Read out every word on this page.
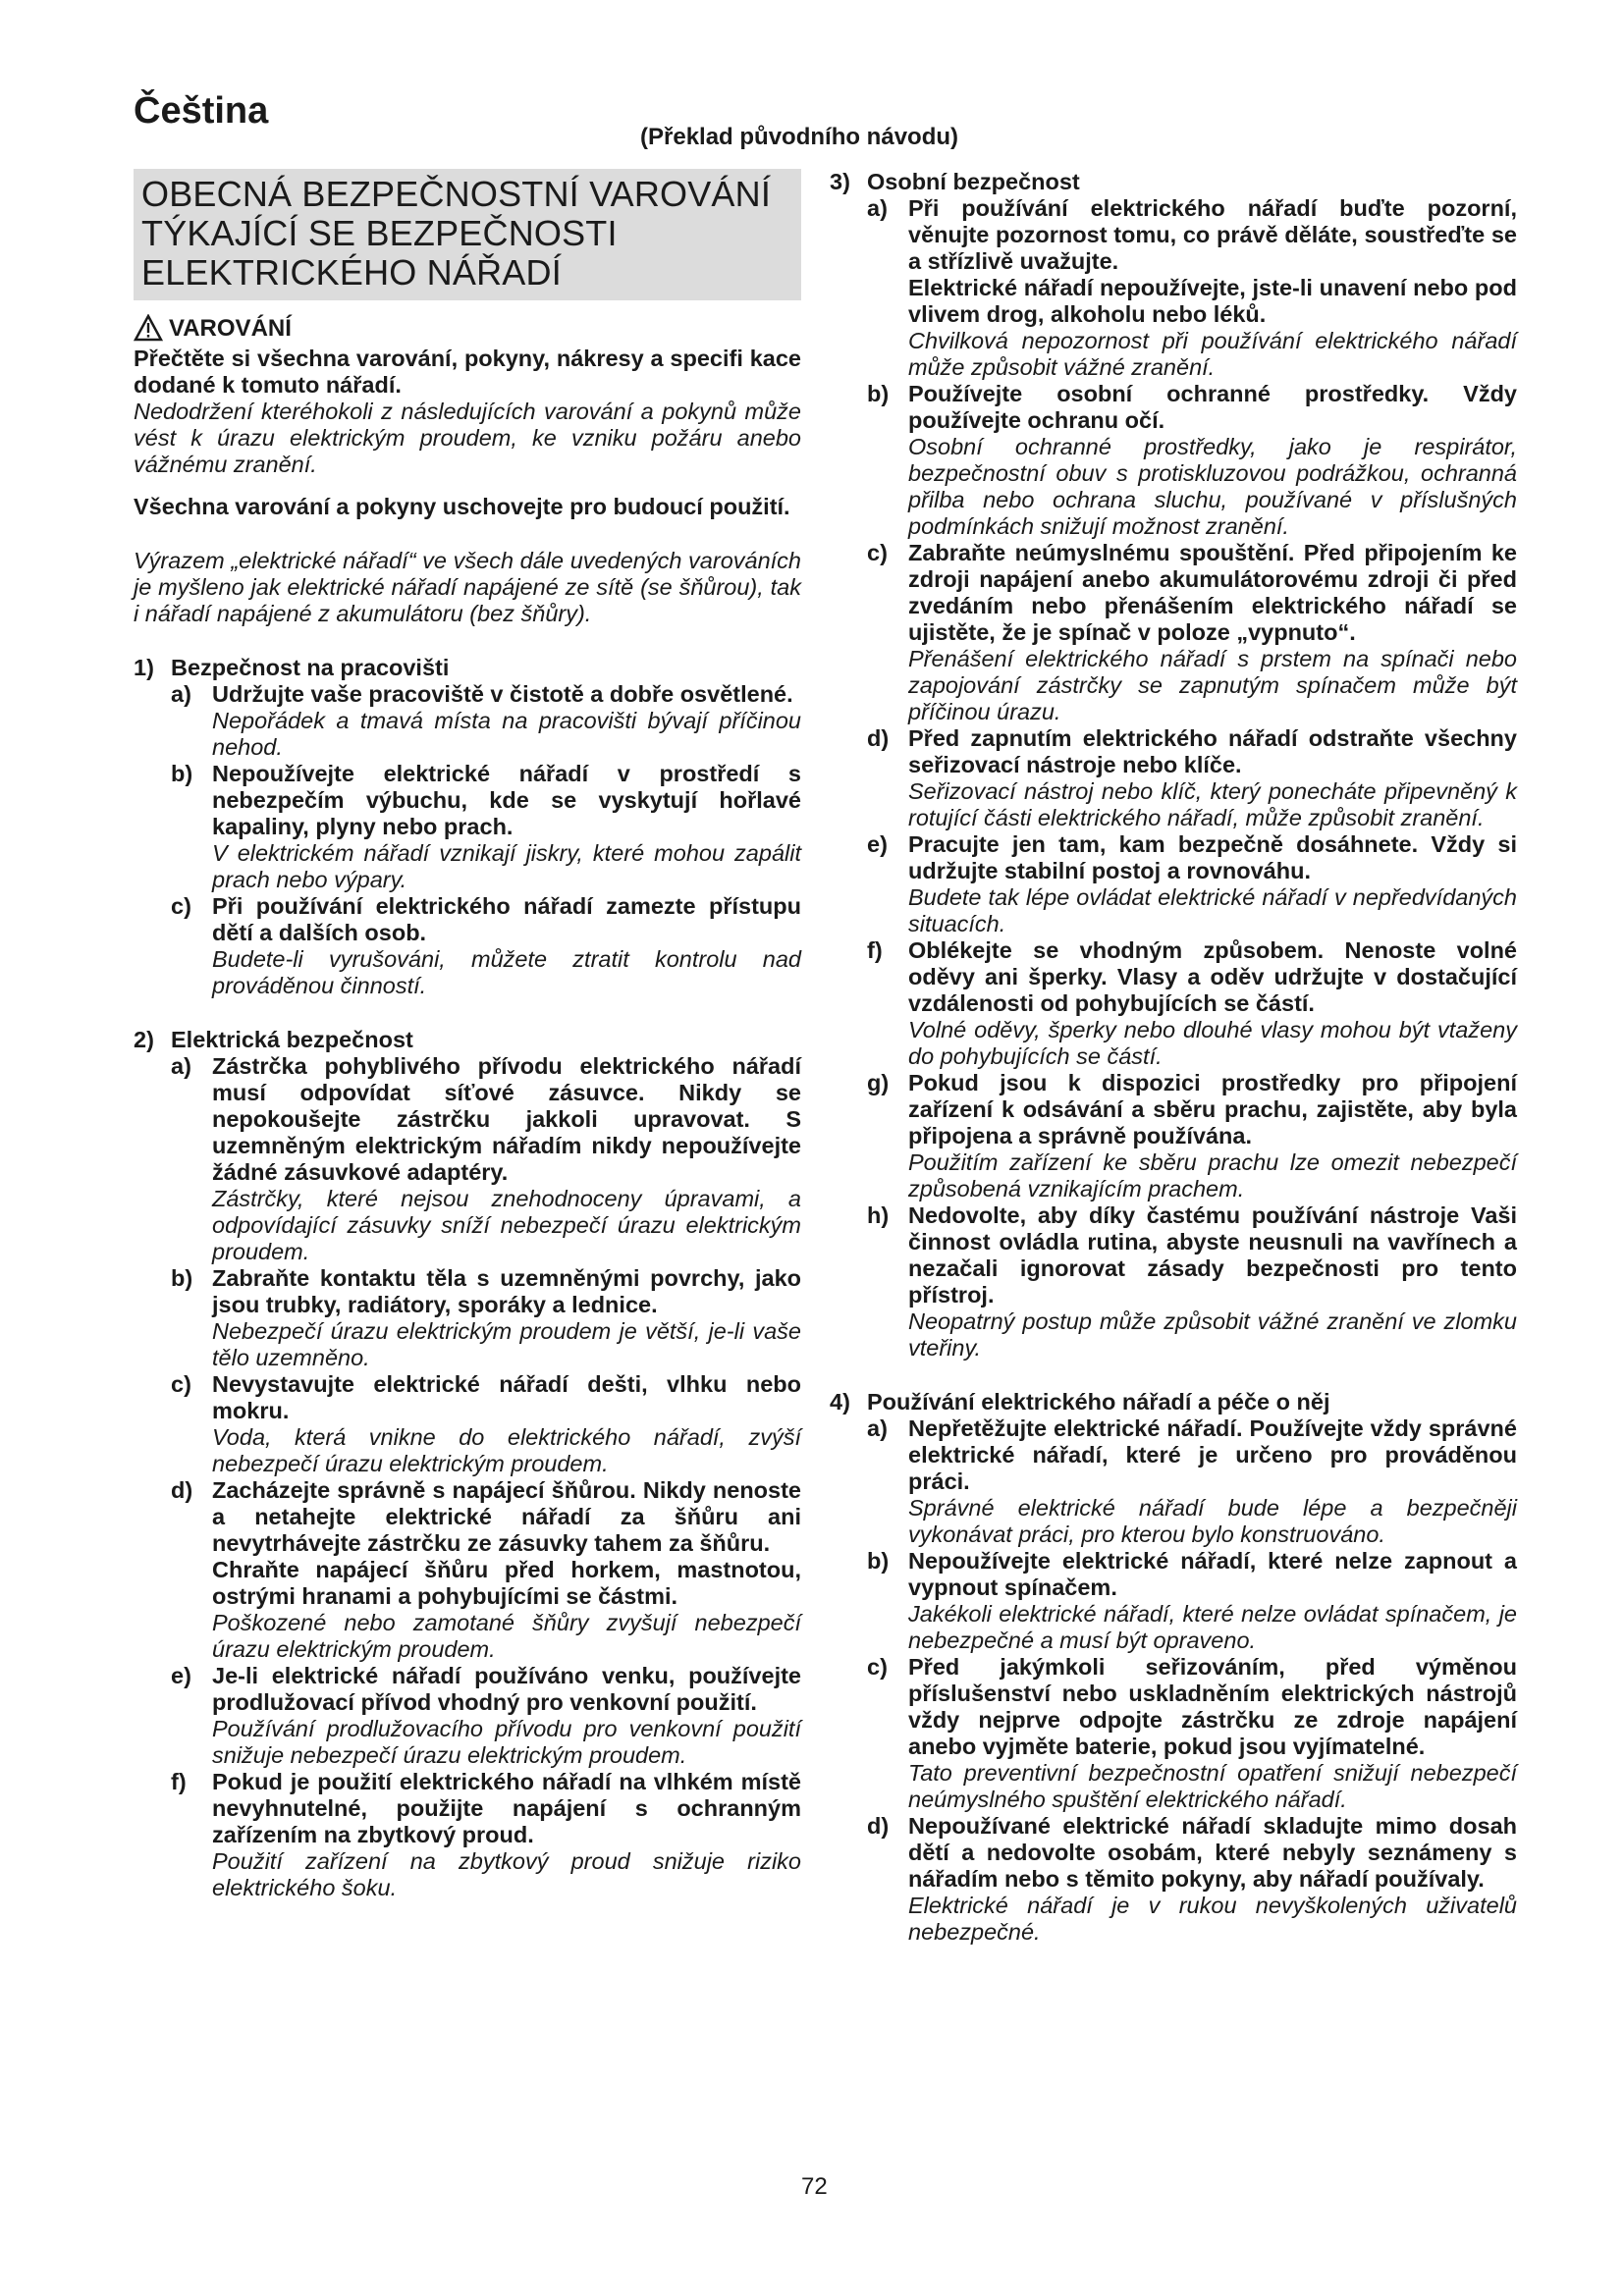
Čeština
(Překlad původního návodu)
OBECNÁ BEZPEČNOSTNÍ VAROVÁNÍ
TÝKAJÍCÍ SE BEZPEČNOSTI
ELEKTRICKÉHO NÁŘADÍ
VAROVÁNÍ

Přečtěte si všechna varování, pokyny, nákresy a specifi kace dodané k tomuto nářadí.

Nedodržení kteréhokoli z následujících varování a pokynů může vést k úrazu elektrickým proudem, ke vzniku požáru anebo vážnému zranění.

Všechna varování a pokyny uschovejte pro budoucí použití.

Výrazem „elektrické nářadí“ ve všech dále uvedených varováních je myšleno jak elektrické nářadí napájené ze sítě (se šňůrou), tak i nářadí napájené z akumulátoru (bez šňůry).

1) Bezpečnost na pracovišti
a) Udržujte vaše pracoviště v čistotě a dobře osvětlené.

Nepořádek a tmavá místa na pracovišti bývají příčinou nehod.

b) Nepoužívejte elektrické nářadí v prostředí s nebezpečím výbuchu, kde se vyskytují hořlavé kapaliny, plyny nebo prach.

V elektrickém nářadí vznikají jiskry, které mohou zapálit prach nebo výpary.

c) Při používání elektrického nářadí zamezte přístupu dětí a dalších osob.

Budete-li vyrušováni, můžete ztratit kontrolu nad prováděnou činností.

2) Elektrická bezpečnost
a) Zástrčka pohyblivého přívodu elektrického nářadí musí odpovídat síťové zásuvce. Nikdy se nepokoušejte zástrčku jakkoli upravovat. S uzemněným elektrickým nářadím nikdy nepoužívejte žádné zásuvkové adaptéry.

Zástrčky, které nejsou znehodnoceny úpravami, a odpovídající zásuvky sníží nebezpečí úrazu elektrickým proudem.

b) Zabraňte kontaktu těla s uzemněnými povrchy, jako jsou trubky, radiátory, sporáky a lednice.

Nebezpečí úrazu elektrickým proudem je větší, je-li vaše tělo uzemněno.

c) Nevystavujte elektrické nářadí dešti, vlhku nebo mokru.

Voda, která vnikne do elektrického nářadí, zvýší nebezpečí úrazu elektrickým proudem.

d) Zacházejte správně s napájecí šňůrou. Nikdy nenoste a netahejte elektrické nářadí za šňůru ani nevytrhávejte zástrčku ze zásuvky tahem za šňůru.

Chraňte napájecí šňůru před horkem, mastnotou, ostrými hranami a pohybujícími se částmi.

Poškozené nebo zamotané šňůry zvyšují nebezpečí úrazu elektrickým proudem.

e) Je-li elektrické nářadí používáno venku, používejte prodlužovací přívod vhodný pro venkovní použití.

Používání prodlužovacího přívodu pro venkovní použití snižuje nebezpečí úrazu elektrickým proudem.

f)	Pokud je použití elektrického nářadí na vlhkém místě nevyhnutelné, použijte napájení s ochranným zařízením na zbytkový proud.

Použití zařízení na zbytkový proud snižuje riziko elektrického šoku.

3) Osobní bezpečnost
a) Při používání elektrického nářadí buďte pozorní, věnujte pozornost tomu, co právě děláte, soustřeďte se a střízlivě uvažujte.

Elektrické nářadí nepoužívejte, jste-li unavení nebo pod vlivem drog, alkoholu nebo léků.

Chvilková nepozornost při používání elektrického nářadí může způsobit vážné zranění.

b) Používejte osobní ochranné prostředky. Vždy používejte ochranu očí.

Osobní ochranné prostředky, jako je respirátor, bezpečnostní obuv s protiskluzovou podrážkou, ochranná přilba nebo ochrana sluchu, používané v příslušných podmínkách snižují možnost zranění.

c) Zabraňte neúmyslnému spouštění. Před připojením ke zdroji napájení anebo akumulátorovému zdroji či před zvedáním nebo přenášením elektrického nářadí se ujistěte, že je spínač v poloze „vypnuto“.

Přenášení elektrického nářadí s prstem na spínači nebo zapojování zástrčky se zapnutým spínačem může být příčinou úrazu.

d) Před zapnutím elektrického nářadí odstraňte všechny seřizovací nástroje nebo klíče.

Seřizovací nástroj nebo klíč, který ponecháte připevněný k rotující části elektrického nářadí, může způsobit zranění.

e) Pracujte jen tam, kam bezpečně dosáhnete. Vždy si udržujte stabilní postoj a rovnováhu.

Budete tak lépe ovládat elektrické nářadí v nepředvídaných situacích.

f)	Oblékejte se vhodným způsobem. Nenoste volné oděvy ani šperky. Vlasy a oděv udržujte v dostačující vzdálenosti od pohybujících se částí.

Volné oděvy, šperky nebo dlouhé vlasy mohou být vtaženy do pohybujících se částí.

g) Pokud jsou k dispozici prostředky pro připojení zařízení k odsávání a sběru prachu, zajistěte, aby byla připojena a správně používána.

Použitím zařízení ke sběru prachu lze omezit nebezpečí způsobená vznikajícím prachem.

h) Nedovolte, aby díky častému používání nástroje Vaši činnost ovládla rutina, abyste neusnuli na vavřínech a nezačali ignorovat zásady bezpečnosti pro tento přístroj.

Neopatrný postup může způsobit vážné zranění ve zlomku vteřiny.

4) Používání elektrického nářadí a péče o něj
a) Nepřetěžujte elektrické nářadí. Používejte vždy správné elektrické nářadí, které je určeno pro prováděnou práci.

Správné elektrické nářadí bude lépe a bezpečněji vykonávat práci, pro kterou bylo konstruováno.

b) Nepoužívejte elektrické nářadí, které nelze zapnout a vypnout spínačem.

Jakékoli elektrické nářadí, které nelze ovládat spínačem, je nebezpečné a musí být opraveno.

c) Před jakýmkoli seřizováním, před výměnou příslušenství nebo uskladněním elektrických nástrojů vždy nejprve odpojte zástrčku ze zdroje napájení anebo vyjměte baterie, pokud jsou vyjímatelné.

Tato preventivní bezpečnostní opatření snižují nebezpečí neúmyslného spuštění elektrického nářadí.

d) Nepoužívané elektrické nářadí skladujte mimo dosah dětí a nedovolte osobám, které nebyly seznámeny s nářadím nebo s těmito pokyny, aby nářadí používaly.

Elektrické nářadí je v rukou nevyškolených uživatelů nebezpečné.

72
